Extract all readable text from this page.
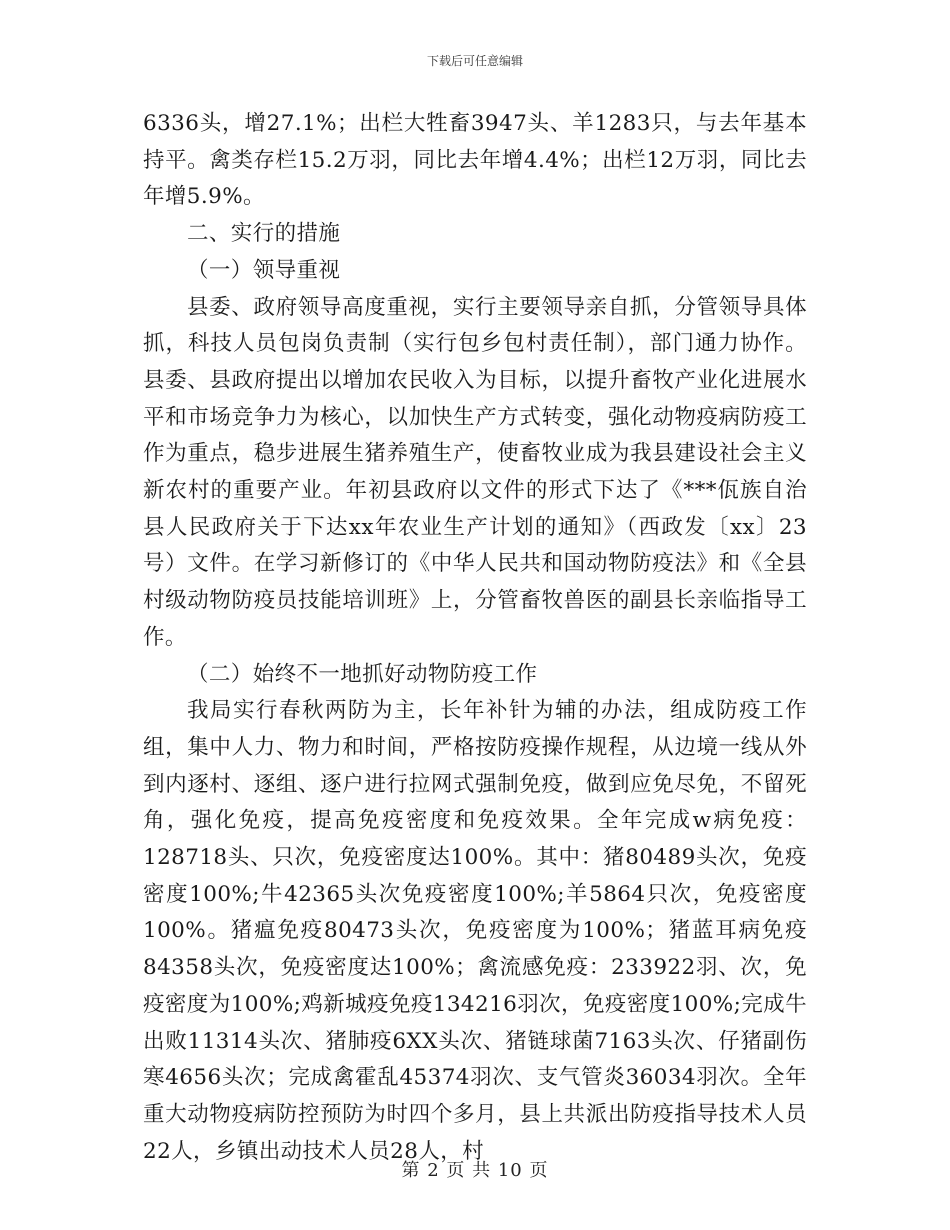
下载后可任意编辑

6336头，增27.1%；出栏大牲畜3947头、羊1283只，与去年基本持平。禽类存栏15.2万羽，同比去年增4.4%；出栏12万羽，同比去年增5.9%。

二、实行的措施

（一）领导重视

县委、政府领导高度重视，实行主要领导亲自抓，分管领导具体抓，科技人员包岗负责制（实行包乡包村责任制），部门通力协作。县委、县政府提出以增加农民收入为目标，以提升畜牧产业化进展水平和市场竞争力为核心，以加快生产方式转变，强化动物疫病防疫工作为重点，稳步进展生猪养殖生产，使畜牧业成为我县建设社会主义新农村的重要产业。年初县政府以文件的形式下达了《***佤族自治县人民政府关于下达xx年农业生产计划的通知》（西政发〔xx〕23号）文件。在学习新修订的《中华人民共和国动物防疫法》和《全县村级动物防疫员技能培训班》上，分管畜牧兽医的副县长亲临指导工作。

（二）始终不一地抓好动物防疫工作

我局实行春秋两防为主，长年补针为辅的办法，组成防疫工作组，集中人力、物力和时间，严格按防疫操作规程，从边境一线从外到内逐村、逐组、逐户进行拉网式强制免疫，做到应免尽免，不留死角，强化免疫，提高免疫密度和免疫效果。全年完成w病免疫：128718头、只次，免疫密度达100%。其中：猪80489头次，免疫密度100%;牛42365头次免疫密度100%;羊5864只次，免疫密度100%。猪瘟免疫80473头次，免疫密度为100%；猪蓝耳病免疫84358头次，免疫密度达100%；禽流感免疫：233922羽、次，免疫密度为100%;鸡新城疫免疫134216羽次，免疫密度100%;完成牛出败11314头次、猪肺疫6XX头次、猪链球菌7163头次、仔猪副伤寒4656头次；完成禽霍乱45374羽次、支气管炎36034羽次。全年重大动物疫病防控预防为时四个多月，县上共派出防疫指导技术人员22人，乡镇出动技术人员28人，村

第 2 页 共 10 页
